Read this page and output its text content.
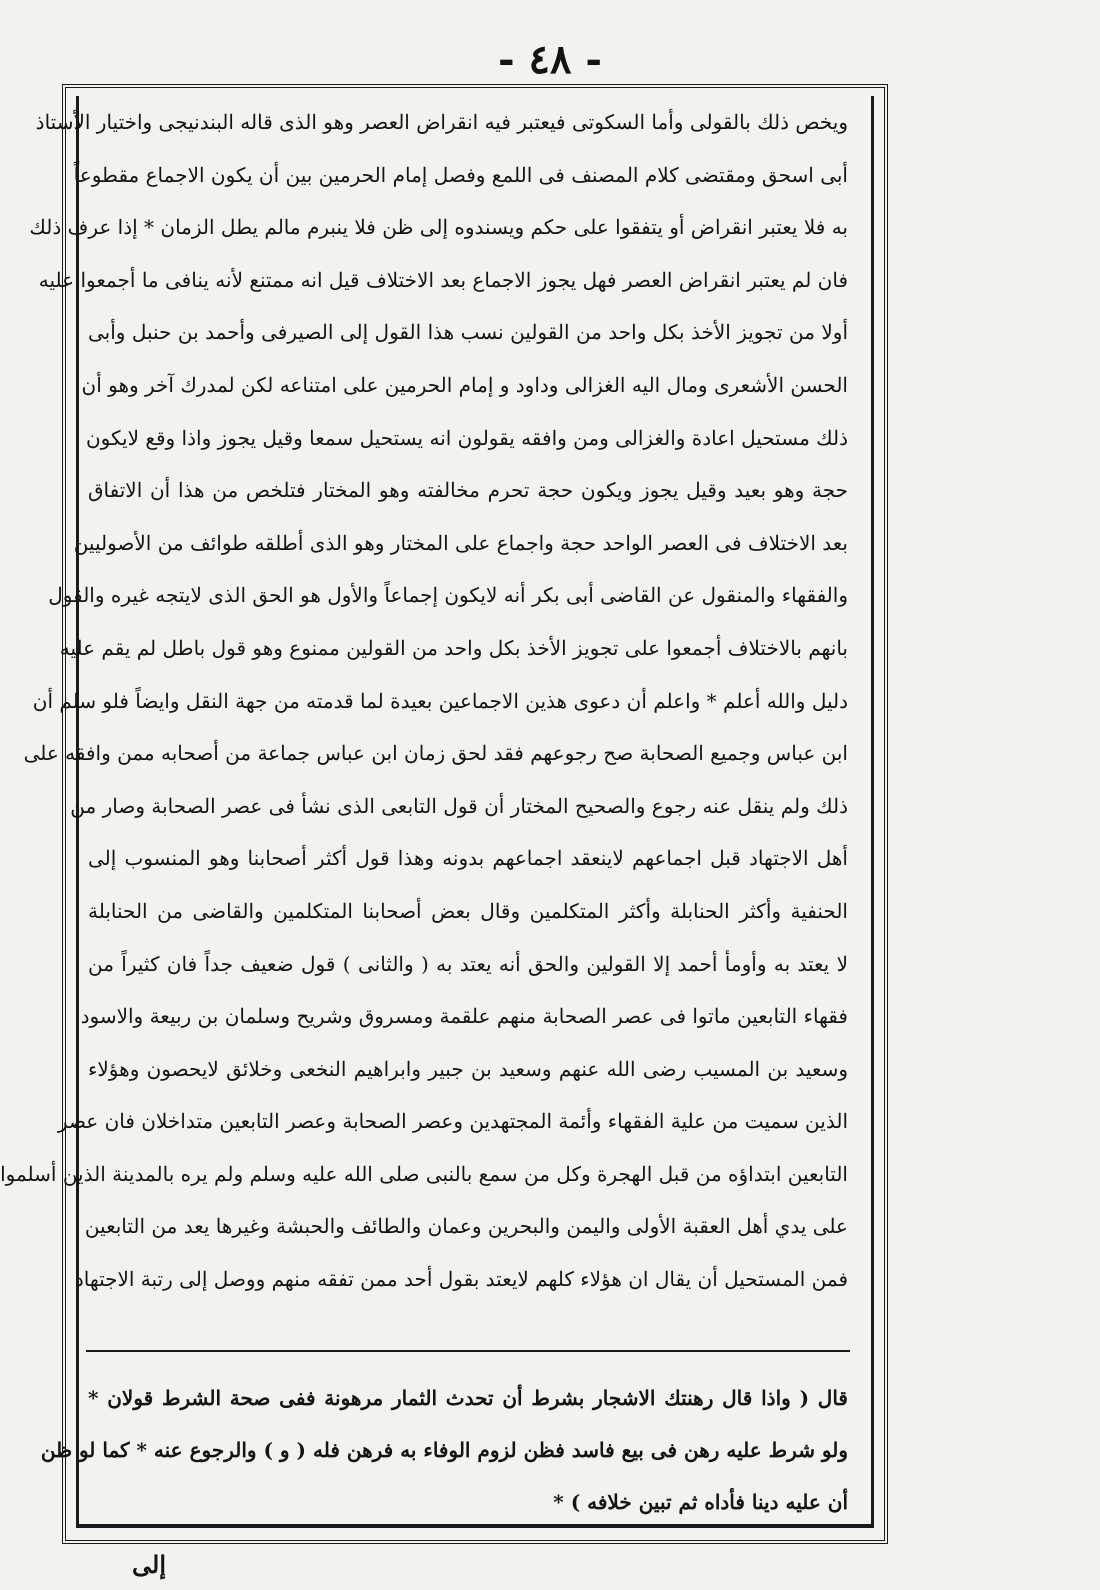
- ٤٨ -
ويخص ذلك بالقولى وأما السكوتى فيعتبر فيه انقراض العصر وهو الذى قاله البندنيجى واختيار الأستاذ
أبى اسحق ومقتضى كلام المصنف فى اللمع وفصل إمام الحرمين بين أن يكون الاجماع مقطوعاً
به فلا يعتبر انقراض أو يتفقوا على حكم ويسندوه إلى ظن فلا ينبرم مالم يطل الزمان * إذا عرف ذلك
فان لم يعتبر انقراض العصر فهل يجوز الاجماع بعد الاختلاف قيل انه ممتنع لأنه ينافى ما أجمعوا عليه
أولا من تجويز الأخذ بكل واحد من القولين نسب هذا القول إلى الصيرفى وأحمد بن حنبل وأبى
الحسن الأشعرى ومال اليه الغزالى وداود و إمام الحرمين على امتناعه لكن لمدرك آخر وهو أن
ذلك مستحيل اعادة والغزالى ومن وافقه يقولون انه يستحيل سمعا وقيل يجوز واذا وقع لايكون
حجة وهو بعيد وقيل يجوز ويكون حجة تحرم مخالفته وهو المختار فتلخص من هذا أن الاتفاق
بعد الاختلاف فى العصر الواحد حجة واجماع على المختار وهو الذى أطلقه طوائف من الأصوليين
والفقهاء والمنقول عن القاضى أبى بكر أنه لايكون إجماعاً والأول هو الحق الذى لايتجه غيره والقول
بانهم بالاختلاف أجمعوا على تجويز الأخذ بكل واحد من القولين ممنوع وهو قول باطل لم يقم عليه
دليل والله أعلم * واعلم أن دعوى هذين الاجماعين بعيدة لما قدمته من جهة النقل وايضاً فلو سلم أن
ابن عباس وجميع الصحابة صح رجوعهم فقد لحق زمان ابن عباس جماعة من أصحابه ممن وافقه على
ذلك ولم ينقل عنه رجوع والصحيح المختار أن قول التابعى الذى نشأ فى عصر الصحابة وصار من
أهل الاجتهاد قبل اجماعهم لاينعقد اجماعهم بدونه وهذا قول أكثر أصحابنا وهو المنسوب إلى
الحنفية وأكثر الحنابلة وأكثر المتكلمين وقال بعض أصحابنا المتكلمين والقاضى من الحنابلة
لا يعتد به وأومأ أحمد إلا القولين والحق أنه يعتد به ( والثانى ) قول ضعيف جداً فان كثيراً من
فقهاء التابعين ماتوا فى عصر الصحابة منهم علقمة ومسروق وشريح وسلمان بن ربيعة والاسود
وسعيد بن المسيب رضى الله عنهم وسعيد بن جبير وابراهيم النخعى وخلائق لايحصون وهؤلاء
الذين سميت من علية الفقهاء وأئمة المجتهدين وعصر الصحابة وعصر التابعين متداخلان فان عصر
التابعين ابتداؤه من قبل الهجرة وكل من سمع بالنبى صلى الله عليه وسلم ولم يره بالمدينة الذين أسلموا
على يدي أهل العقبة الأولى واليمن والبحرين وعمان والطائف والحبشة وغيرها يعد من التابعين
فمن المستحيل أن يقال ان هؤلاء كلهم لايعتد بقول أحد ممن تفقه منهم ووصل إلى رتبة الاجتهاد
قال ( واذا قال رهنتك الاشجار بشرط أن تحدث الثمار مرهونة ففى صحة الشرط قولان *
ولو شرط عليه رهن فى بيع فاسد فظن لزوم الوفاء به فرهن فله ( و ) والرجوع عنه * كما لو ظن
أن عليه دينا فأداه ثم تبين خلافه ) *
إلى
